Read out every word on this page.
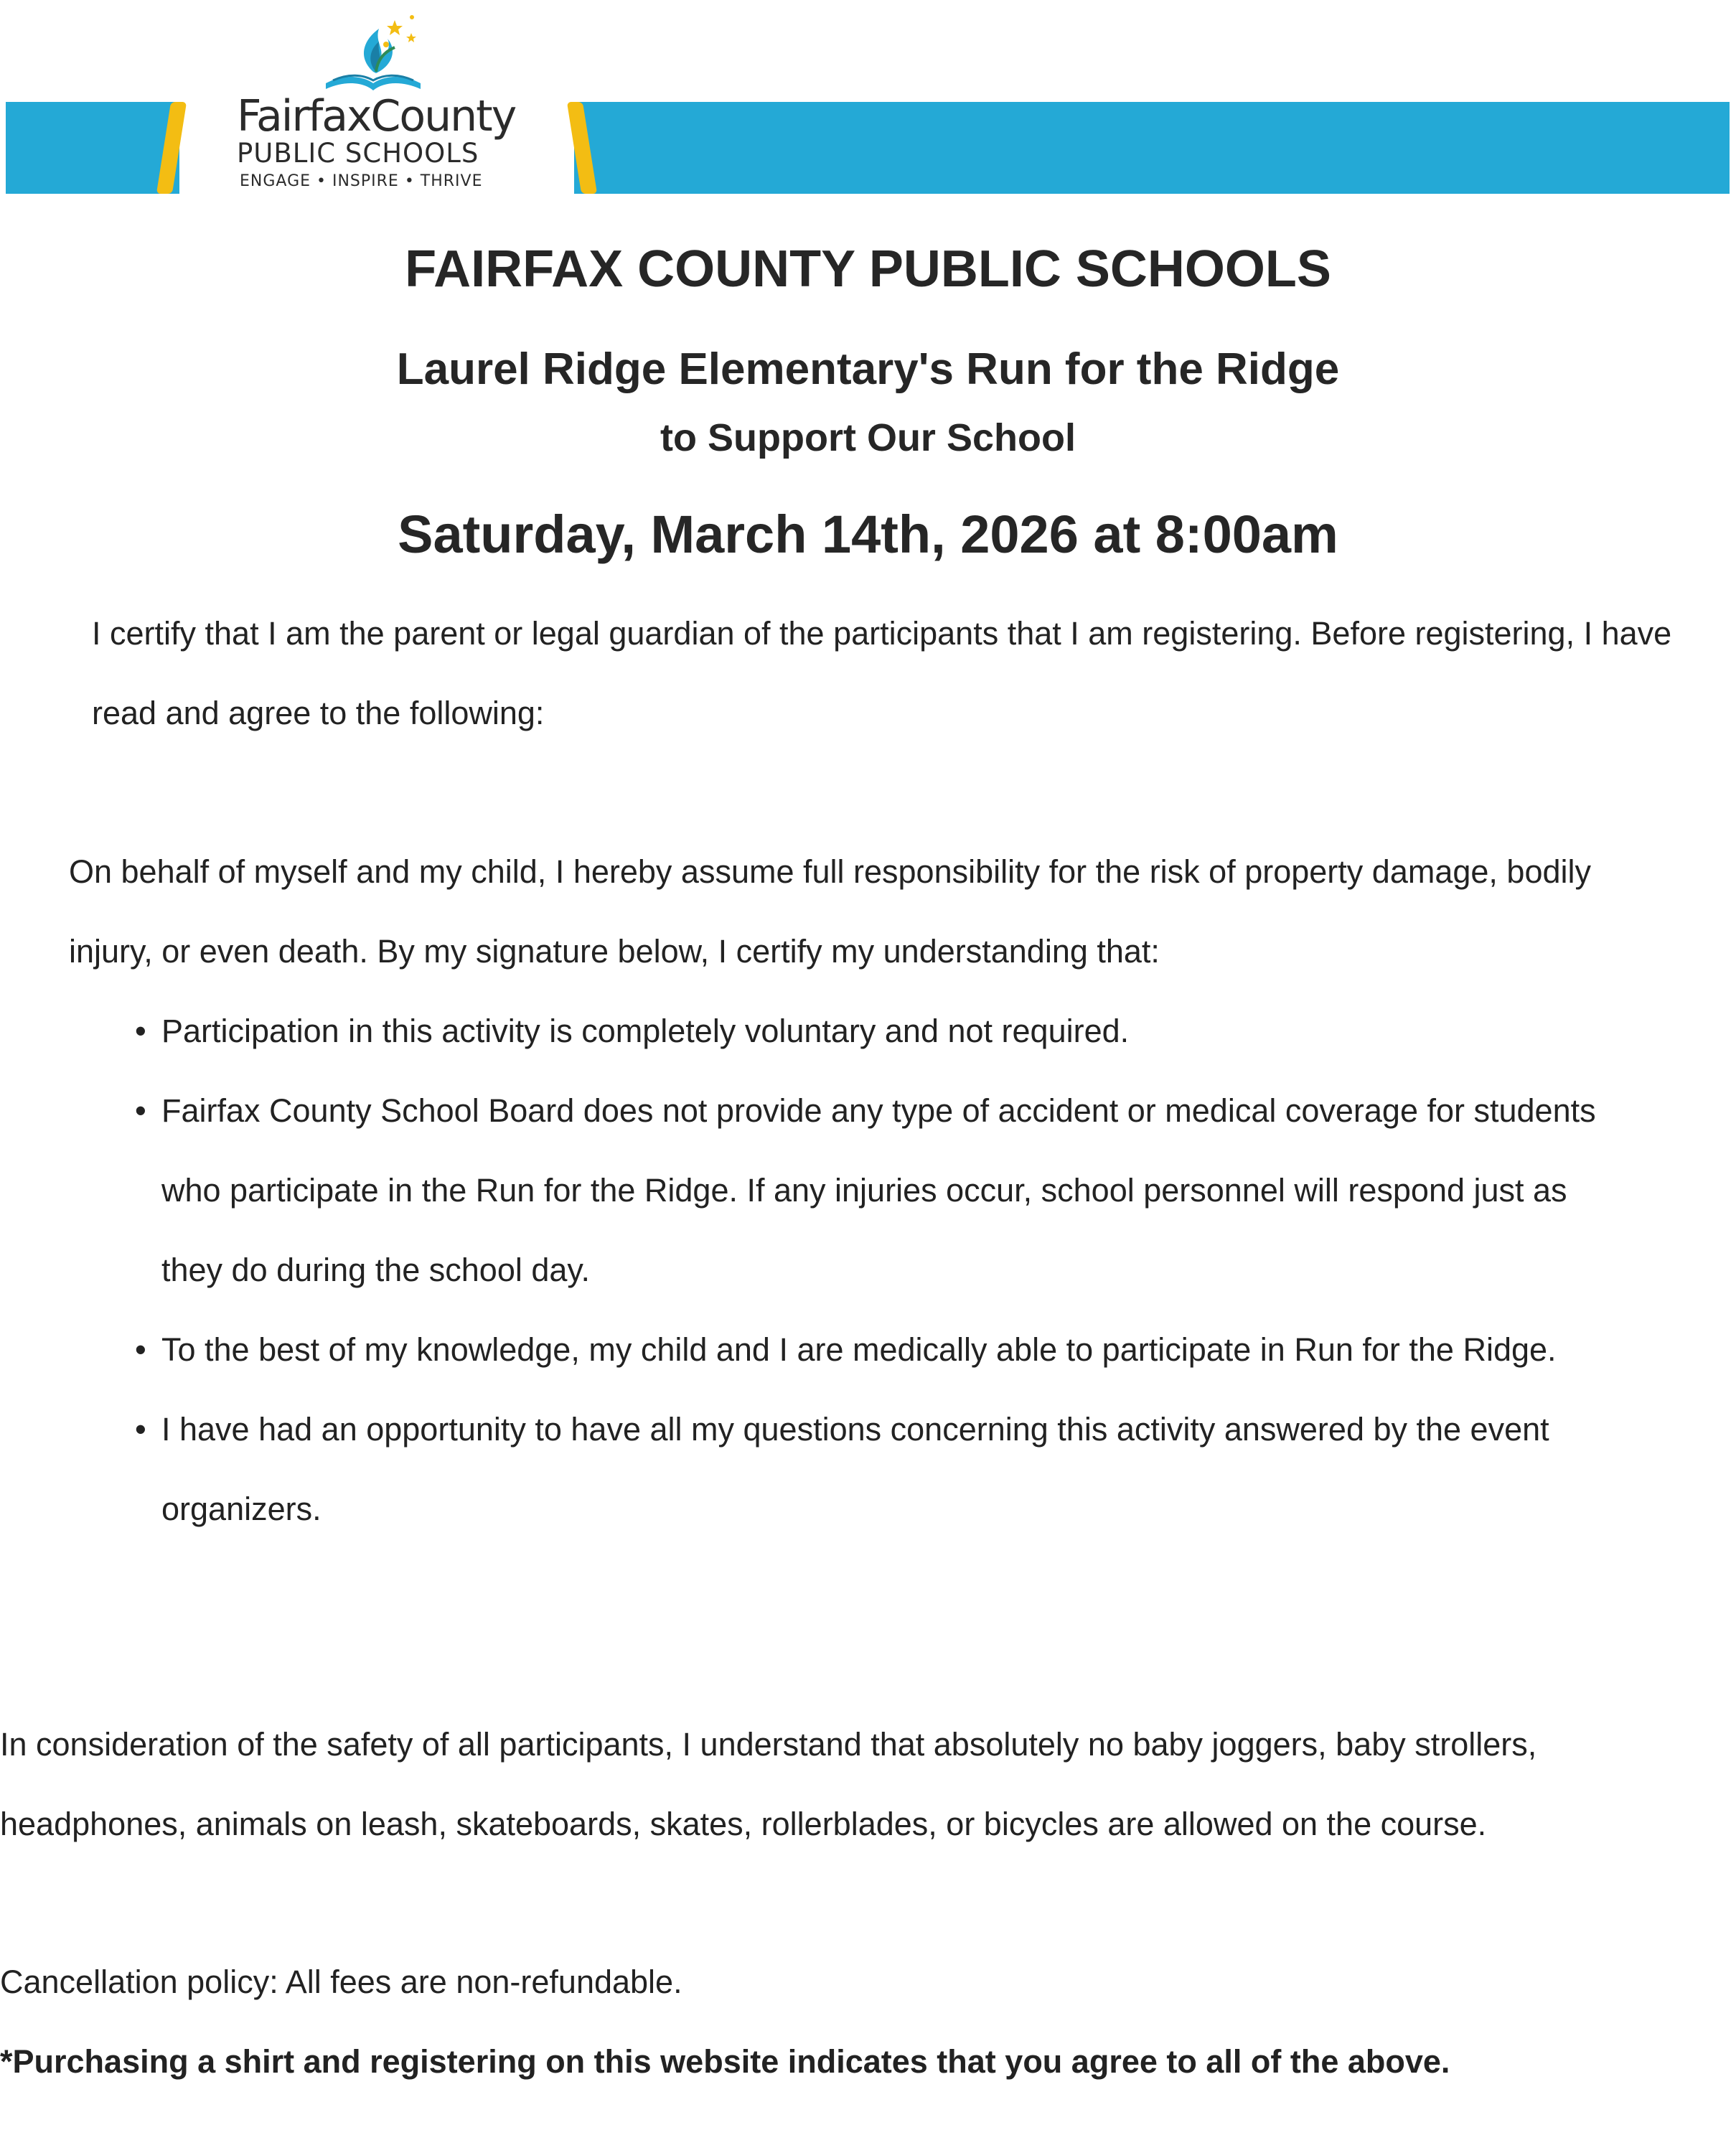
FairfaxCounty

PUBLIC SCHOOLS

ENGAGE • INSPIRE • THRIVE

FAIRFAX COUNTY PUBLIC SCHOOLS
Laurel Ridge Elementary's Run for the Ridge
to Support Our School
Saturday, March 14th, 2026 at 8:00am

I certify that I am the parent or legal guardian of the participants that I am registering. Before registering, I have read and agree to the following:

On behalf of myself and my child, I hereby assume full responsibility for the risk of property damage, bodily injury, or even death. By my signature below, I certify my understanding that:

• Participation in this activity is completely voluntary and not required.
• Fairfax County School Board does not provide any type of accident or medical coverage for students who participate in the Run for the Ridge. If any injuries occur, school personnel will respond just as they do during the school day.
• To the best of my knowledge, my child and I are medically able to participate in Run for the Ridge.
• I have had an opportunity to have all my questions concerning this activity answered by the event organizers.

In consideration of the safety of all participants, I understand that absolutely no baby joggers, baby strollers, headphones, animals on leash, skateboards, skates, rollerblades, or bicycles are allowed on the course.

Cancellation policy: All fees are non-refundable.

*Purchasing a shirt and registering on this website indicates that you agree to all of the above.
